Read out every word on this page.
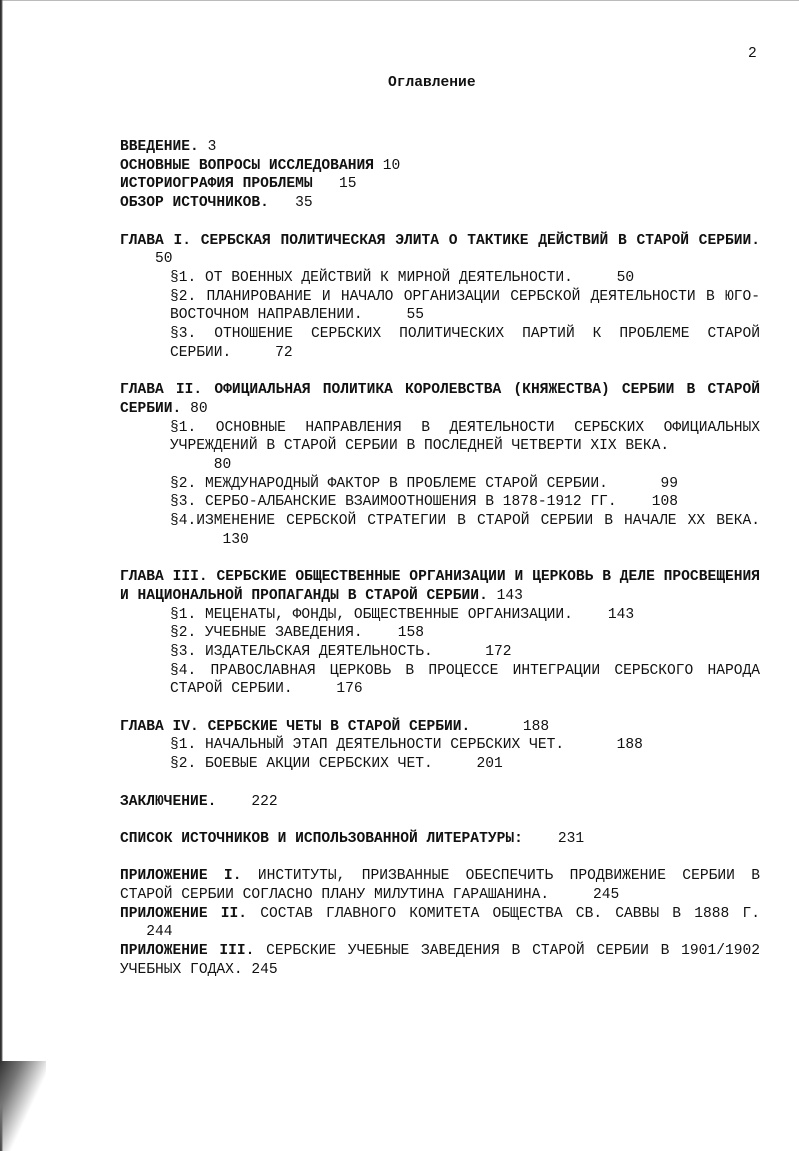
2
Оглавление
ВВЕДЕНИЕ. 3
ОСНОВНЫЕ ВОПРОСЫ ИССЛЕДОВАНИЯ 10
ИСТОРИОГРАФИЯ ПРОБЛЕМЫ 15
ОБЗОР ИСТОЧНИКОВ. 35
ГЛАВА I. СЕРБСКАЯ ПОЛИТИЧЕСКАЯ ЭЛИТА О ТАКТИКЕ ДЕЙСТВИЙ В СТАРОЙ СЕРБИИ.    50
§1. ОТ ВОЕННЫХ ДЕЙСТВИЙ К МИРНОЙ ДЕЯТЕЛЬНОСТИ.	50
§2. ПЛАНИРОВАНИЕ И НАЧАЛО ОРГАНИЗАЦИИ СЕРБСКОЙ ДЕЯТЕЛЬНОСТИ В ЮГО-ВОСТОЧНОМ НАПРАВЛЕНИИ.	55
§3. ОТНОШЕНИЕ СЕРБСКИХ ПОЛИТИЧЕСКИХ ПАРТИЙ К ПРОБЛЕМЕ СТАРОЙ СЕРБИИ.	72
ГЛАВА II. ОФИЦИАЛЬНАЯ ПОЛИТИКА КОРОЛЕВСТВА (КНЯЖЕСТВА) СЕРБИИ В СТАРОЙ СЕРБИИ. 80
§1. ОСНОВНЫЕ НАПРАВЛЕНИЯ В ДЕЯТЕЛЬНОСТИ СЕРБСКИХ ОФИЦИАЛЬНЫХ УЧРЕЖДЕНИЙ В СТАРОЙ СЕРБИИ В ПОСЛЕДНЕЙ ЧЕТВЕРТИ XIX ВЕКА.
80
§2. МЕЖДУНАРОДНЫЙ ФАКТОР В ПРОБЛЕМЕ СТАРОЙ СЕРБИИ.	99
§3. СЕРБО-АЛБАНСКИЕ ВЗАИМООТНОШЕНИЯ В 1878-1912 ГГ. 108
§4.ИЗМЕНЕНИЕ СЕРБСКОЙ СТРАТЕГИИ В СТАРОЙ СЕРБИИ В НАЧАЛЕ XX ВЕКА.      130
ГЛАВА III. СЕРБСКИЕ ОБЩЕСТВЕННЫЕ ОРГАНИЗАЦИИ И ЦЕРКОВЬ В ДЕЛЕ ПРОСВЕЩЕНИЯ И НАЦИОНАЛЬНОЙ ПРОПАГАНДЫ В СТАРОЙ СЕРБИИ. 143
§1. МЕЦЕНАТЫ, ФОНДЫ, ОБЩЕСТВЕННЫЕ ОРГАНИЗАЦИИ. 143
§2. УЧЕБНЫЕ ЗАВЕДЕНИЯ. 158
§3. ИЗДАТЕЛЬСКАЯ ДЕЯТЕЛЬНОСТЬ.	172
§4. ПРАВОСЛАВНАЯ ЦЕРКОВЬ В ПРОЦЕССЕ ИНТЕГРАЦИИ СЕРБСКОГО НАРОДА СТАРОЙ СЕРБИИ.	176
ГЛАВА IV. СЕРБСКИЕ ЧЕТЫ В СТАРОЙ СЕРБИИ.	188
§1. НАЧАЛЬНЫЙ ЭТАП ДЕЯТЕЛЬНОСТИ СЕРБСКИХ ЧЕТ.	188
§2. БОЕВЫЕ АКЦИИ СЕРБСКИХ ЧЕТ.	201
ЗАКЛЮЧЕНИЕ. 222
СПИСОК ИСТОЧНИКОВ И ИСПОЛЬЗОВАННОЙ ЛИТЕРАТУРЫ: 231
ПРИЛОЖЕНИЕ I. ИНСТИТУТЫ, ПРИЗВАННЫЕ ОБЕСПЕЧИТЬ ПРОДВИЖЕНИЕ СЕРБИИ В СТАРОЙ СЕРБИИ СОГЛАСНО ПЛАНУ МИЛУТИНА ГАРАШАНИНА.	245
ПРИЛОЖЕНИЕ II. СОСТАВ ГЛАВНОГО КОМИТЕТА ОБЩЕСТВА СВ. САВВЫ В 1888 Г.   244
ПРИЛОЖЕНИЕ III. СЕРБСКИЕ УЧЕБНЫЕ ЗАВЕДЕНИЯ В СТАРОЙ СЕРБИИ В 1901/1902 УЧЕБНЫХ ГОДАХ. 245
